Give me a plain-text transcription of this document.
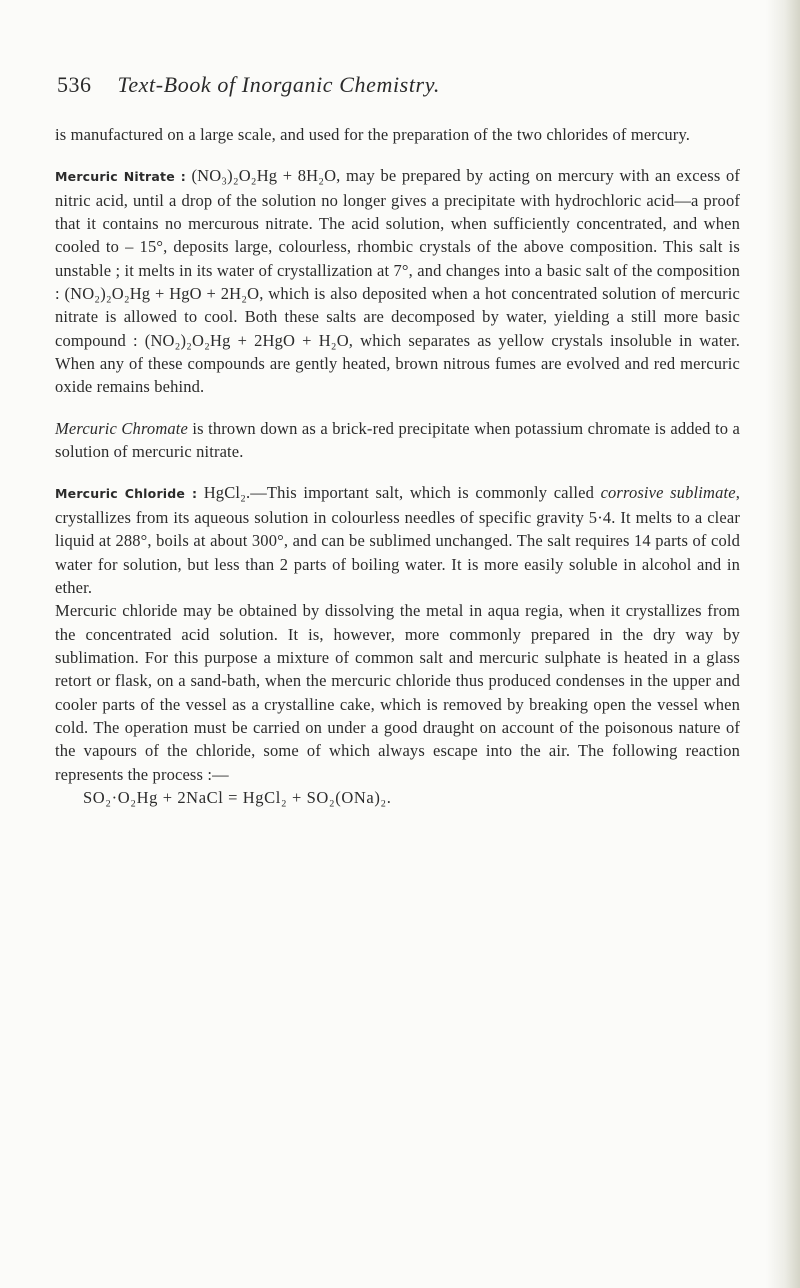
536 Text-Book of Inorganic Chemistry.

is manufactured on a large scale, and used for the preparation of the two chlorides of mercury.

Mercuric Nitrate : (NO₃)₂O₂Hg + 8H₂O, may be prepared by acting on mercury with an excess of nitric acid, until a drop of the solution no longer gives a precipitate with hydrochloric acid—a proof that it contains no mercurous nitrate. The acid solution, when sufficiently concentrated, and when cooled to – 15°, deposits large, colourless, rhombic crystals of the above composition. This salt is unstable ; it melts in its water of crystallization at 7°, and changes into a basic salt of the composition : (NO₂)₂O₂Hg + HgO + 2H₂O, which is also deposited when a hot concentrated solution of mercuric nitrate is allowed to cool. Both these salts are decomposed by water, yielding a still more basic compound : (NO₂)₂O₂Hg + 2HgO + H₂O, which separates as yellow crystals insoluble in water. When any of these compounds are gently heated, brown nitrous fumes are evolved and red mercuric oxide remains behind.

Mercuric Chromate is thrown down as a brick-red precipitate when potassium chromate is added to a solution of mercuric nitrate.

Mercuric Chloride : HgCl₂.—This important salt, which is commonly called corrosive sublimate, crystallizes from its aqueous solution in colourless needles of specific gravity 5·4. It melts to a clear liquid at 288°, boils at about 300°, and can be sublimed unchanged. The salt requires 14 parts of cold water for solution, but less than 2 parts of boiling water. It is more easily soluble in alcohol and in ether.

Mercuric chloride may be obtained by dissolving the metal in aqua regia, when it crystallizes from the concentrated acid solution. It is, however, more commonly prepared in the dry way by sublimation. For this purpose a mixture of common salt and mercuric sulphate is heated in a glass retort or flask, on a sand-bath, when the mercuric chloride thus produced condenses in the upper and cooler parts of the vessel as a crystalline cake, which is removed by breaking open the vessel when cold. The operation must be carried on under a good draught on account of the poisonous nature of the vapours of the chloride, some of which always escape into the air. The following reaction represents the process :—

SO₂·O₂Hg + 2NaCl = HgCl₂ + SO₂(ONa)₂.
